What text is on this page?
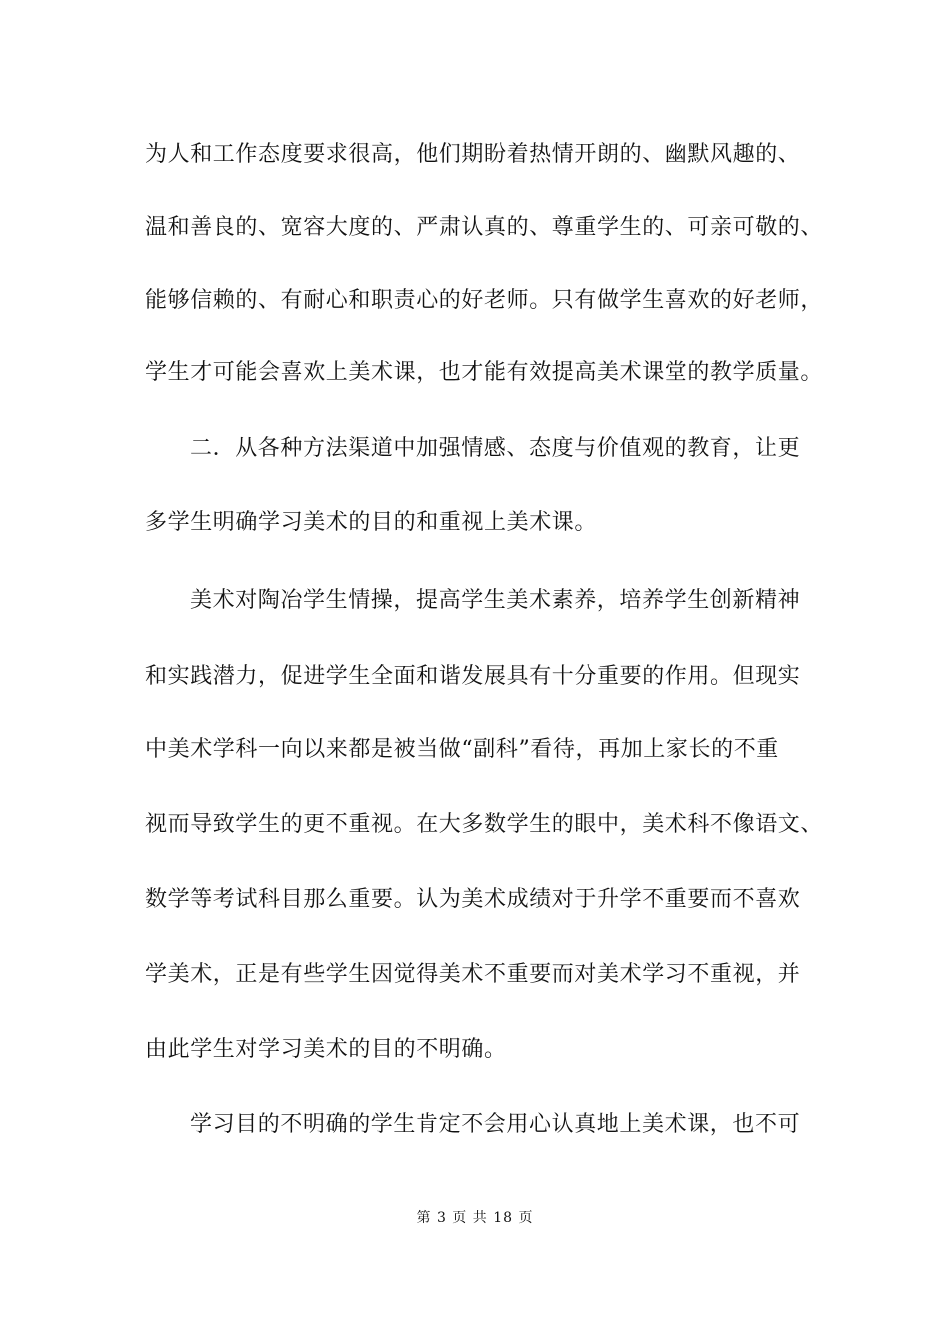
为人和工作态度要求很高，他们期盼着热情开朗的、幽默风趣的、
温和善良的、宽容大度的、严肃认真的、尊重学生的、可亲可敬的、
能够信赖的、有耐心和职责心的好老师。只有做学生喜欢的好老师，
学生才可能会喜欢上美术课，也才能有效提高美术课堂的教学质量。
二．从各种方法渠道中加强情感、态度与价值观的教育，让更
多学生明确学习美术的目的和重视上美术课。
美术对陶冶学生情操，提高学生美术素养，培养学生创新精神
和实践潜力，促进学生全面和谐发展具有十分重要的作用。但现实
中美术学科一向以来都是被当做“副科”看待，再加上家长的不重
视而导致学生的更不重视。在大多数学生的眼中，美术科不像语文、
数学等考试科目那么重要。认为美术成绩对于升学不重要而不喜欢
学美术，正是有些学生因觉得美术不重要而对美术学习不重视，并
由此学生对学习美术的目的不明确。
学习目的不明确的学生肯定不会用心认真地上美术课，也不可
第 3 页 共 18 页
